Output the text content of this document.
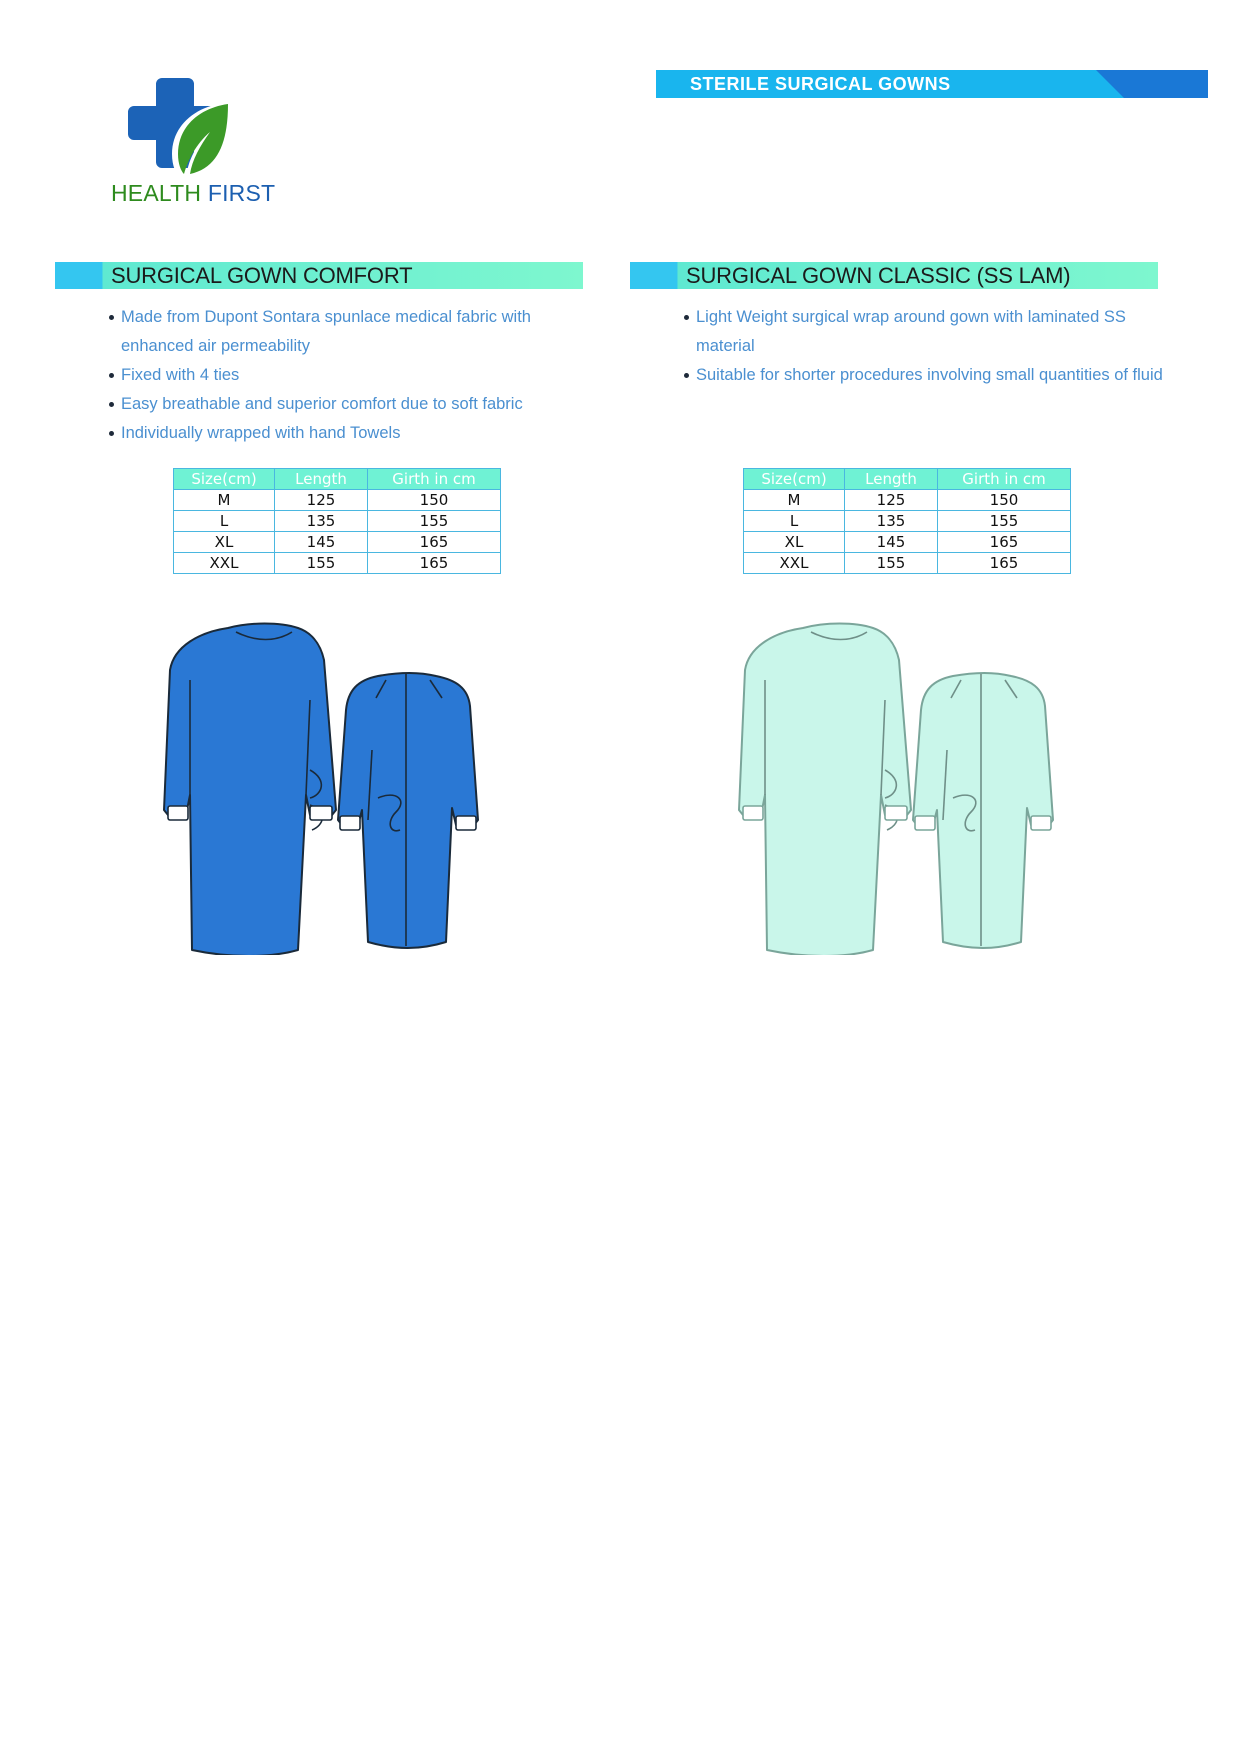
HEALTH FIRST
STERILE SURGICAL GOWNS
SURGICAL GOWN COMFORT
Made from Dupont Sontara spunlace medical fabric with enhanced air permeability
Fixed with 4 ties
Easy breathable and superior comfort due to soft fabric
Individually wrapped with hand Towels
Size(cm)	Length	Girth in cm
M	125	150
L	135	155
XL	145	165
XXL	155	165
SURGICAL GOWN CLASSIC (SS LAM)
Light Weight surgical wrap around gown with laminated SS material
Suitable for shorter procedures involving small quantities of fluid
Size(cm)	Length	Girth in cm
M	125	150
L	135	155
XL	145	165
XXL	155	165
